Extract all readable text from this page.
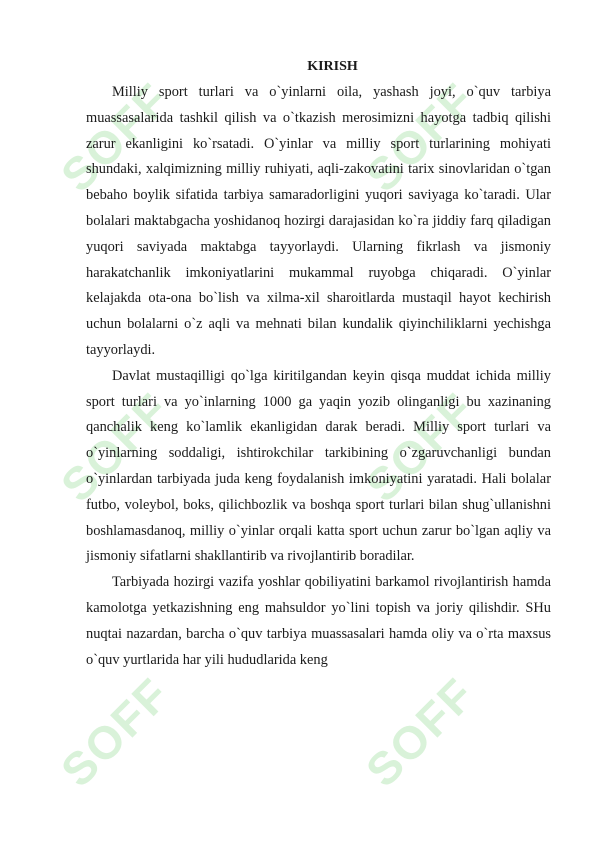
SOFF	SOFF
SOFF	SOFF
SOFF	SOFF
KIRISH

Milliy sport turlari va o`yinlarni oila, yashash joyi, o`quv tarbiya muassasalarida tashkil qilish va o`tkazish merosimizni hayotga tadbiq qilishi zarur ekanligini ko`rsatadi. O`yinlar va milliy sport turlarining mohiyati shundaki, xalqimizning milliy ruhiyati, aqli-zakovatini tarix sinovlaridan o`tgan bebaho boylik sifatida tarbiya samaradorligini yuqori saviyaga ko`taradi. Ular bolalari maktabgacha yoshidanoq hozirgi darajasidan ko`ra jiddiy farq qiladigan yuqori saviyada maktabga tayyorlaydi. Ularning fikrlash va jismoniy harakatchanlik imkoniyatlarini mukammal ruyobga chiqaradi. O`yinlar kelajakda ota-ona bo`lish va xilma-xil sharoitlarda mustaqil hayot kechirish uchun bolalarni o`z aqli va mehnati bilan kundalik qiyinchiliklarni yechishga tayyorlaydi.

Davlat mustaqilligi qo`lga kiritilgandan keyin qisqa muddat ichida milliy sport turlari va yo`inlarning 1000 ga yaqin yozib olinganligi bu xazinaning qanchalik keng ko`lamlik ekanligidan darak beradi. Milliy sport turlari va o`yinlarning soddaligi, ishtirokchilar tarkibining o`zgaruvchanligi bundan o`yinlardan tarbiyada juda keng foydalanish imkoniyatini yaratadi. Hali bolalar futbo, voleybol, boks, qilichbozlik va boshqa sport turlari bilan shug`ullanishni boshlamasdanoq, milliy o`yinlar orqali katta sport uchun zarur bo`lgan aqliy va jismoniy sifatlarni shakllantirib va rivojlantirib boradilar.

Tarbiyada hozirgi vazifa yoshlar qobiliyatini barkamol rivojlantirish hamda kamolotga yetkazishning eng mahsuldor yo`lini topish va joriy qilishdir. SHu nuqtai nazardan, barcha o`quv tarbiya muassasalari hamda oliy va o`rta maxsus o`quv yurtlarida har yili hududlarida keng
